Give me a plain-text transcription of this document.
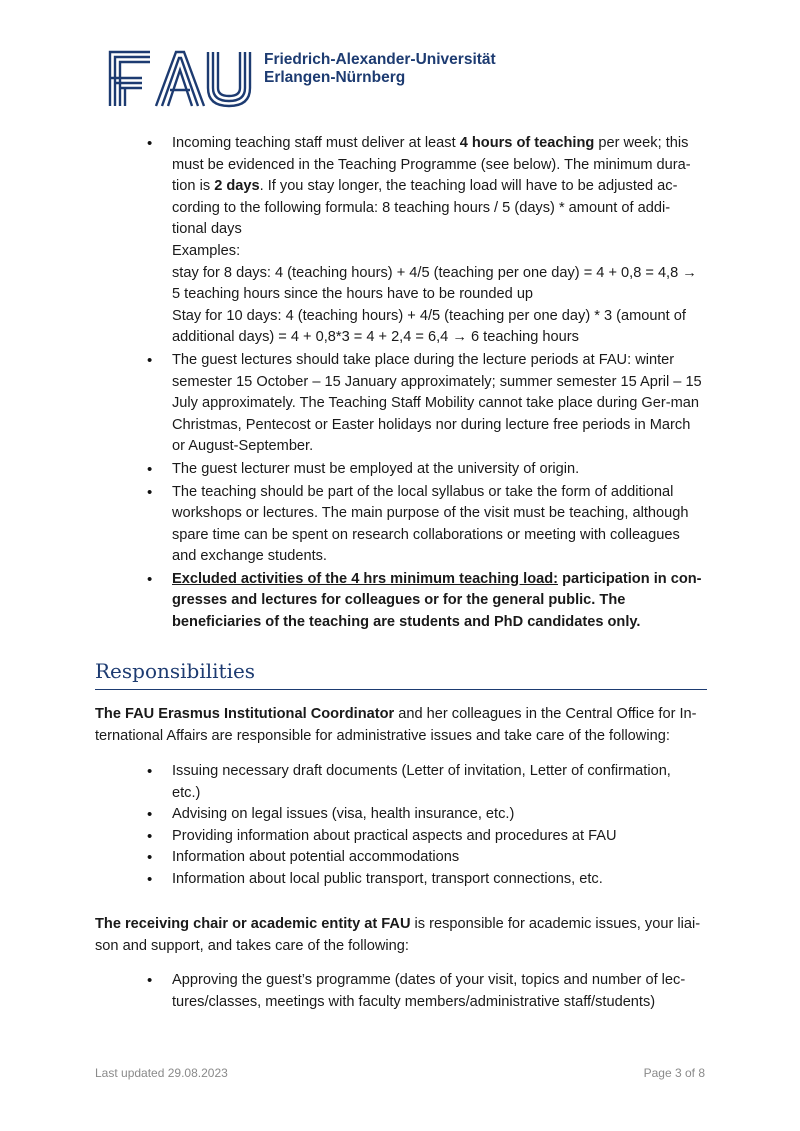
Friedrich-Alexander-Universität
Erlangen-Nürnberg
• Incoming teaching staff must deliver at least 4 hours of teaching per week; this must be evidenced in the Teaching Programme (see below). The minimum dura-tion is 2 days. If you stay longer, the teaching load will have to be adjusted ac-cording to the following formula: 8 teaching hours / 5 (days) * amount of addi-tional days
Examples:
stay for 8 days: 4 (teaching hours) + 4/5 (teaching per one day) = 4 + 0,8 = 4,8 → 5 teaching hours since the hours have to be rounded up
Stay for 10 days: 4 (teaching hours) + 4/5 (teaching per one day) * 3 (amount of additional days) = 4 + 0,8*3 = 4 + 2,4 = 6,4 → 6 teaching hours
• The guest lectures should take place during the lecture periods at FAU: winter semester 15 October – 15 January approximately; summer semester 15 April – 15 July approximately. The Teaching Staff Mobility cannot take place during Ger-man Christmas, Pentecost or Easter holidays nor during lecture free periods in March or August-September.
• The guest lecturer must be employed at the university of origin.
• The teaching should be part of the local syllabus or take the form of additional workshops or lectures. The main purpose of the visit must be teaching, although spare time can be spent on research collaborations or meeting with colleagues and exchange students.
• Excluded activities of the 4 hrs minimum teaching load: participation in con-gresses and lectures for colleagues or for the general public. The beneficiaries of the teaching are students and PhD candidates only.
Responsibilities
The FAU Erasmus Institutional Coordinator and her colleagues in the Central Office for In-ternational Affairs are responsible for administrative issues and take care of the following:
• Issuing necessary draft documents (Letter of invitation, Letter of confirmation, etc.)
• Advising on legal issues (visa, health insurance, etc.)
• Providing information about practical aspects and procedures at FAU
• Information about potential accommodations
• Information about local public transport, transport connections, etc.
The receiving chair or academic entity at FAU is responsible for academic issues, your liai-son and support, and takes care of the following:
• Approving the guest’s programme (dates of your visit, topics and number of lec-tures/classes, meetings with faculty members/administrative staff/students)
Last updated 29.08.2023	Page 3 of 8
